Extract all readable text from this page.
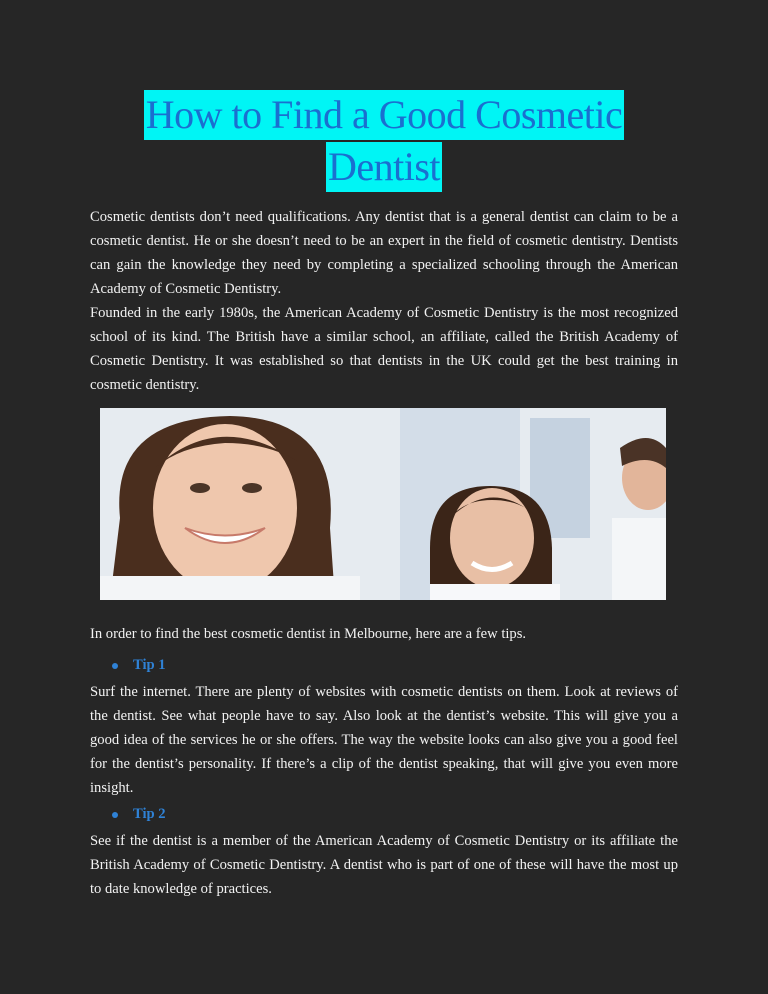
How to Find a Good Cosmetic
Dentist

Cosmetic dentists don’t need qualifications. Any dentist that is a general dentist can claim to be a cosmetic dentist. He or she doesn’t need to be an expert in the field of cosmetic dentistry. Dentists can gain the knowledge they need by completing a specialized schooling through the American Academy of Cosmetic Dentistry.

Founded in the early 1980s, the American Academy of Cosmetic Dentistry is the most recognized school of its kind. The British have a similar school, an affiliate, called the British Academy of Cosmetic Dentistry. It was established so that dentists in the UK could get the best training in cosmetic dentistry.

In order to find the best cosmetic dentist in Melbourne, here are a few tips.

Tip 1

Surf the internet. There are plenty of websites with cosmetic dentists on them. Look at reviews of the dentist. See what people have to say. Also look at the dentist’s website. This will give you a good idea of the services he or she offers. The way the website looks can also give you a good feel for the dentist’s personality. If there’s a clip of the dentist speaking, that will give you even more insight.

Tip 2

See if the dentist is a member of the American Academy of Cosmetic Dentistry or its affiliate the British Academy of Cosmetic Dentistry. A dentist who is part of one of these will have the most up to date knowledge of practices.
